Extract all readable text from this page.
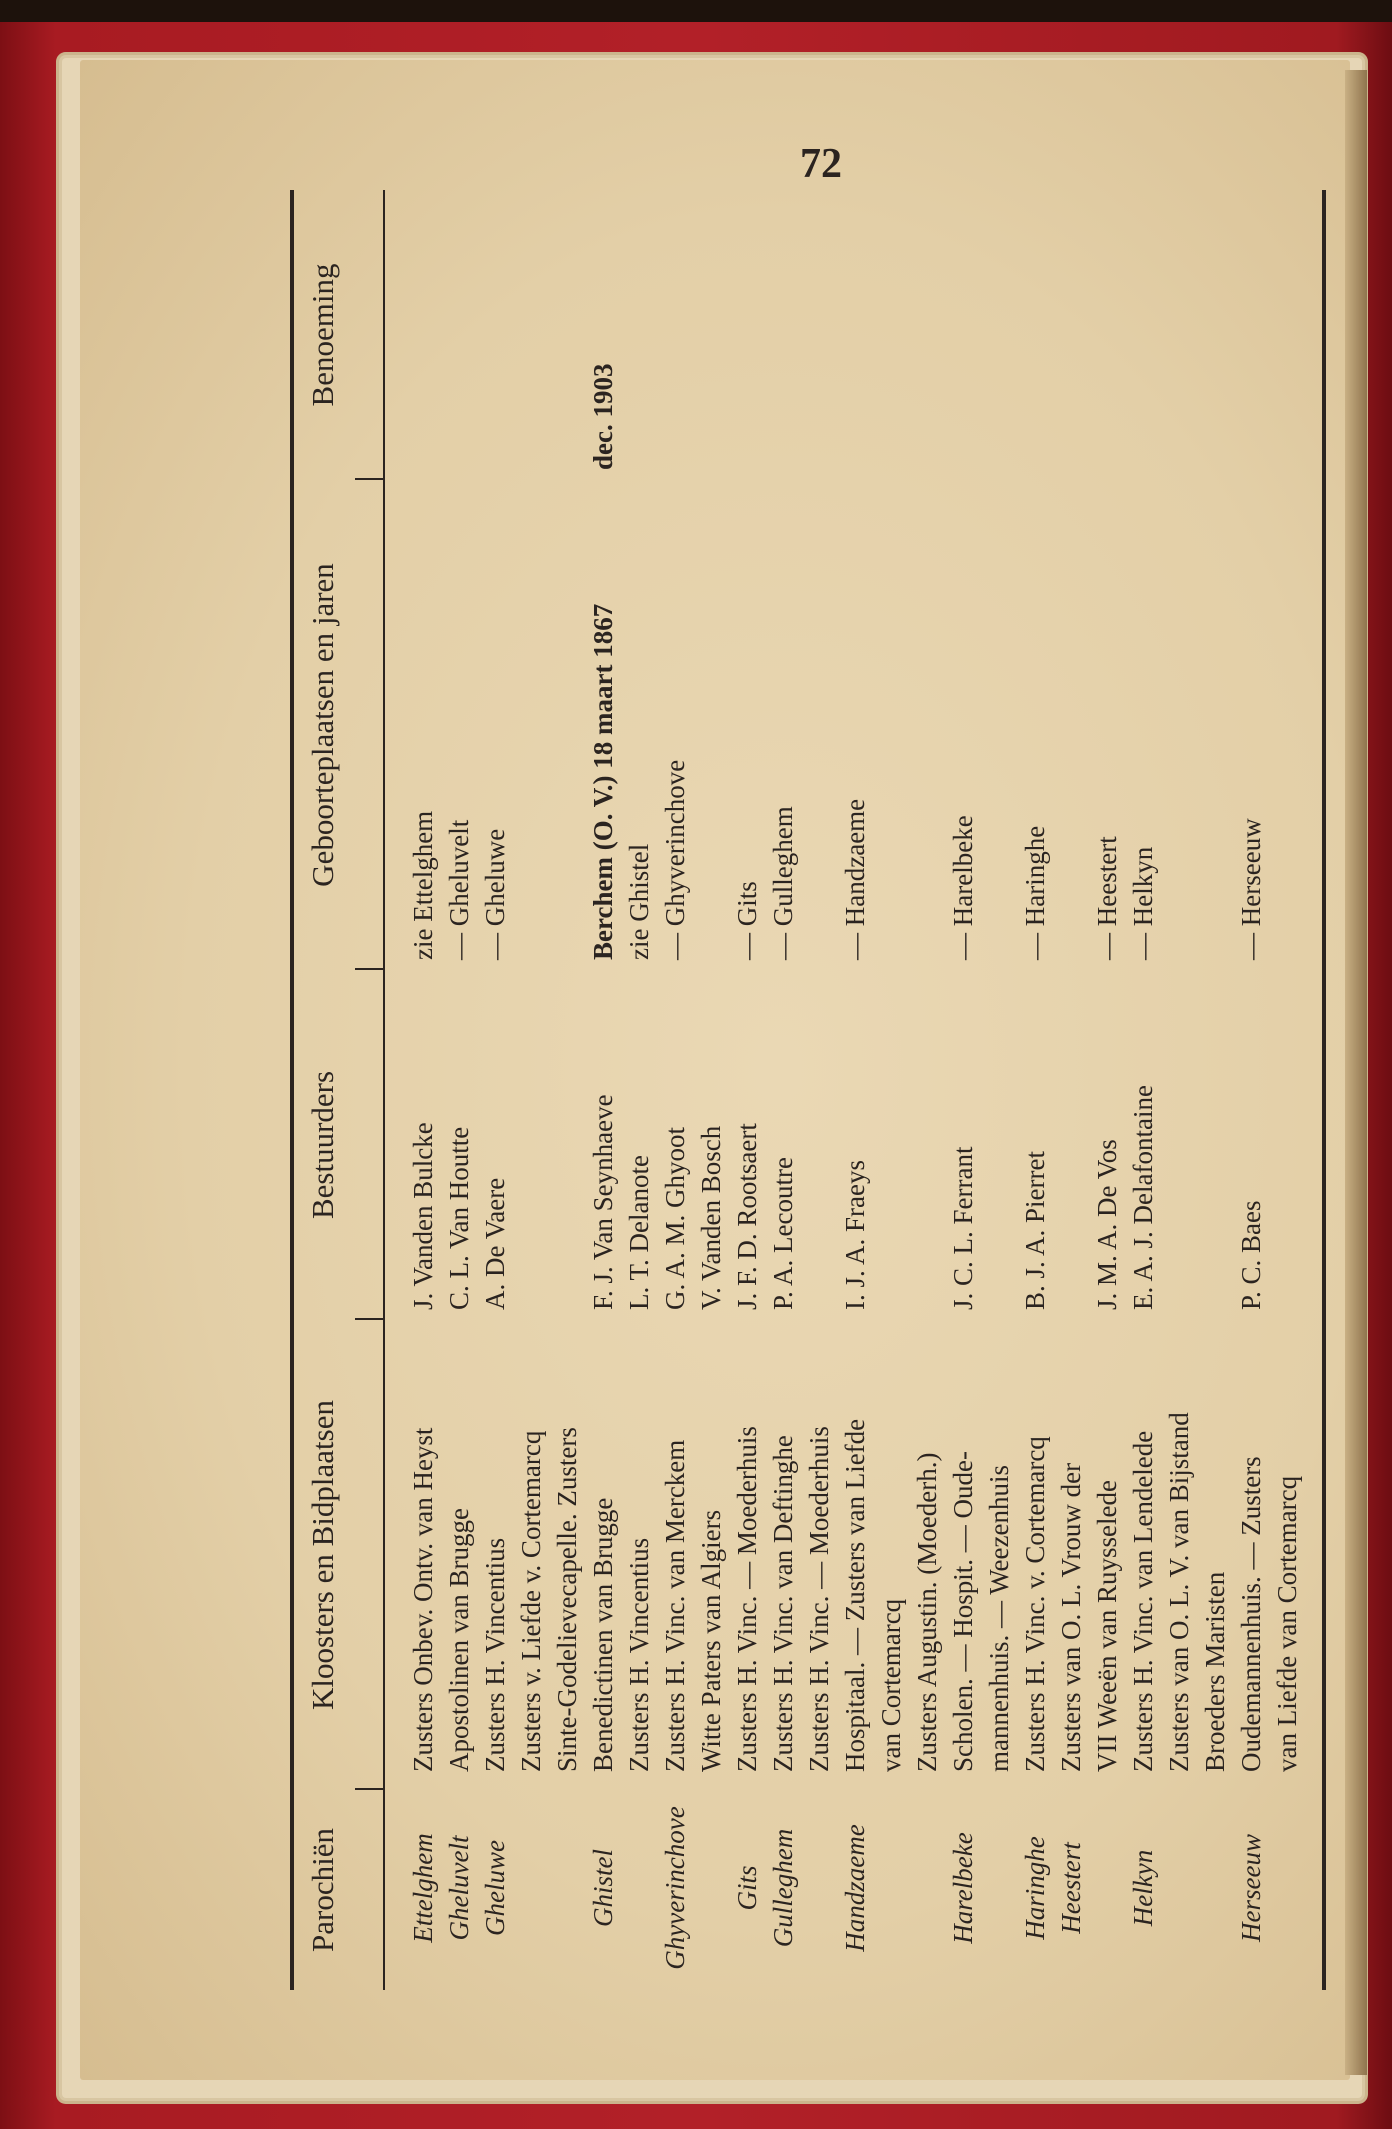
72
Parochiën
Kloosters en Bidplaatsen
Bestuurders
Geboorteplaatsen en jaren
Benoeming
Ettelghem
Zusters Onbev. Ontv. van Heyst
J. Vanden Bulcke
zie Ettelghem
Gheluvelt
Apostolinen van Brugge
C. L. Van Houtte
— Gheluvelt
Gheluwe
Zusters H. Vincentius
A. De Vaere
— Gheluwe
Zusters v. Liefde v. Cortemarcq Sinte-Godelievecapelle. Zusters
Ghistel
Benedictinen van Brugge
F. J. Van Seynhaeve
Berchem (O. V.) 18 maart 1867
dec. 1903
Zusters H. Vincentius
L. T. Delanote
zie Ghistel
Ghyverinchove
Zusters H. Vinc. van Merckem
G. A. M. Ghyoot
— Ghyverinchove
Witte Paters van Algiers
V. Vanden Bosch
Gits
Zusters H. Vinc. — Moederhuis
J. F. D. Rootsaert
— Gits
Gulleghem
Zusters H. Vinc. van Deftinghe
P. A. Lecoutre
— Gulleghem
Zusters H. Vinc. — Moederhuis
Handzaeme
Hospitaal. — Zusters van Liefde
I. J. A. Fraeys
— Handzaeme
van Cortemarcq Zusters Augustin. (Moederh.)
Harelbeke
Scholen. — Hospit. — Oude-
J. C. L. Ferrant
— Harelbeke
mannenhuis. — Weezenhuis
Haringhe
Zusters H. Vinc. v. Cortemarcq
B. J. A. Pierret
— Haringhe
Heestert
Zusters van O. L. Vrouw der VII Weeën van Ruysselede
J. M. A. De Vos
— Heestert
Helkyn
Zusters H. Vinc. van Lendelede
E. A. J. Delafontaine
— Helkyn
Zusters van O. L. V. van Bijstand Broeders Maristen
Herseeuw
Oudemannenhuis. — Zusters
P. C. Baes
— Herseeuw
van Liefde van Cortemarcq
